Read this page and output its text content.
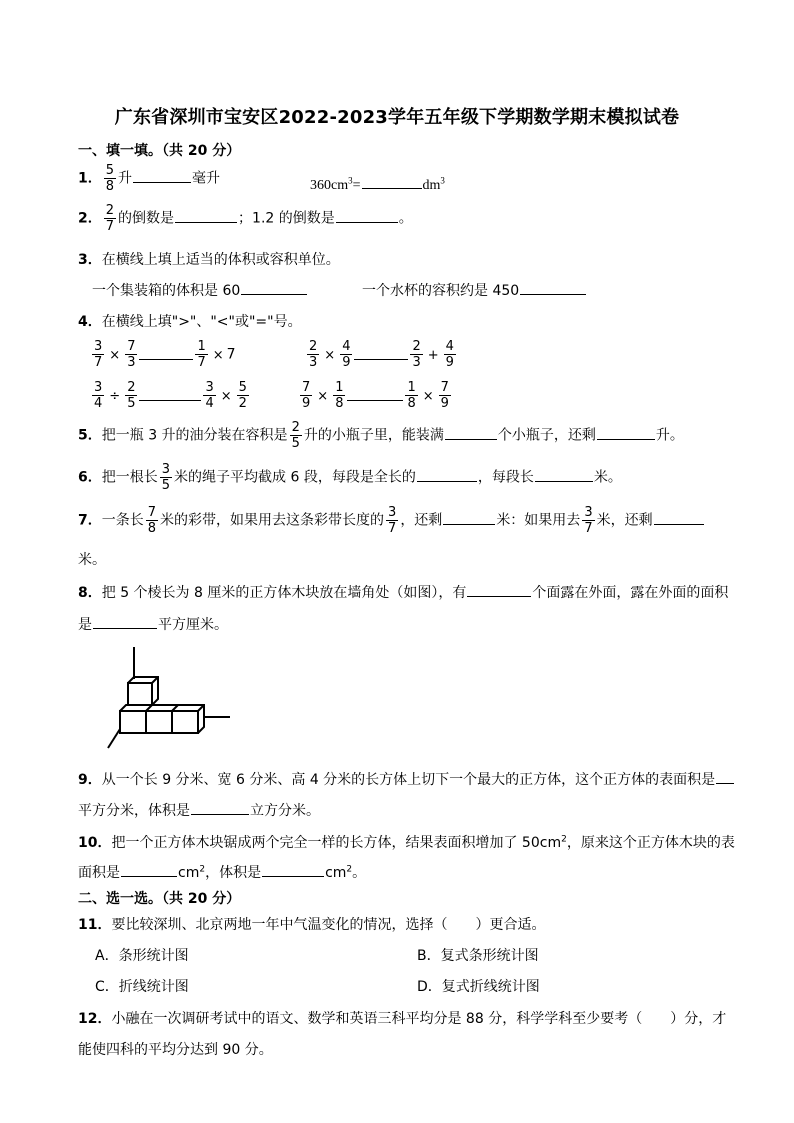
广东省深圳市宝安区2022-2023学年五年级下学期数学期末模拟试卷
一、填一填。（共 20 分）
1． $\frac{5}{8}$ 升	毫升	$360cm^3=$	$dm^3$
2． $\frac{2}{7}$ 的倒数是	；1.2 的倒数是	。
3．在横线上填上适当的体积或容积单位。
一个集装箱的体积是 60	一个水杯的容积约是 450
4．在横线上填">"、"<"或"="号。
$\frac{3}{7} \times \frac{7}{3}$	$\frac{1}{7} \times 7$	$\frac{2}{3} \times \frac{4}{9}$	$\frac{2}{3} + \frac{4}{9}$
$\frac{3}{4} \div \frac{2}{5}$	$\frac{3}{4} \times \frac{5}{2}$	$\frac{7}{9} \times \frac{1}{8}$	$\frac{1}{8} \times \frac{7}{9}$
5．把一瓶 3 升的油分装在容积是 $\frac{2}{5}$ 升的小瓶子里，能装满	个小瓶子，还剩	升。
6．把一根长 $\frac{3}{5}$ 米的绳子平均截成 6 段，每段是全长的	，每段长	米。
7．一条长 $\frac{7}{8}$ 米的彩带，如果用去这条彩带长度的 $\frac{3}{7}$ ，还剩	米：如果用去 $\frac{3}{7}$ 米，还剩
米。
8．把 5 个棱长为 8 厘米的正方体木块放在墙角处（如图），有	个面露在外面，露在外面的面积
是	平方厘米。
9．从一个长 9 分米、宽 6 分米、高 4 分米的长方体上切下一个最大的正方体，这个正方体的表面积是
平方分米，体积是	立方分米。
10．把一个正方体木块锯成两个完全一样的长方体，结果表面积增加了 $50cm^2$，原来这个正方体木块的表
面积是	$cm^2$，体积是	$cm^2$。
二、选一选。（共 20 分）
11．要比较深圳、北京两地一年中气温变化的情况，选择（　　）更合适。
A．条形统计图	B．复式条形统计图
C．折线统计图	D．复式折线统计图
12．小融在一次调研考试中的语文、数学和英语三科平均分是 88 分，科学学科至少要考（　　）分，才
能使四科的平均分达到 90 分。
